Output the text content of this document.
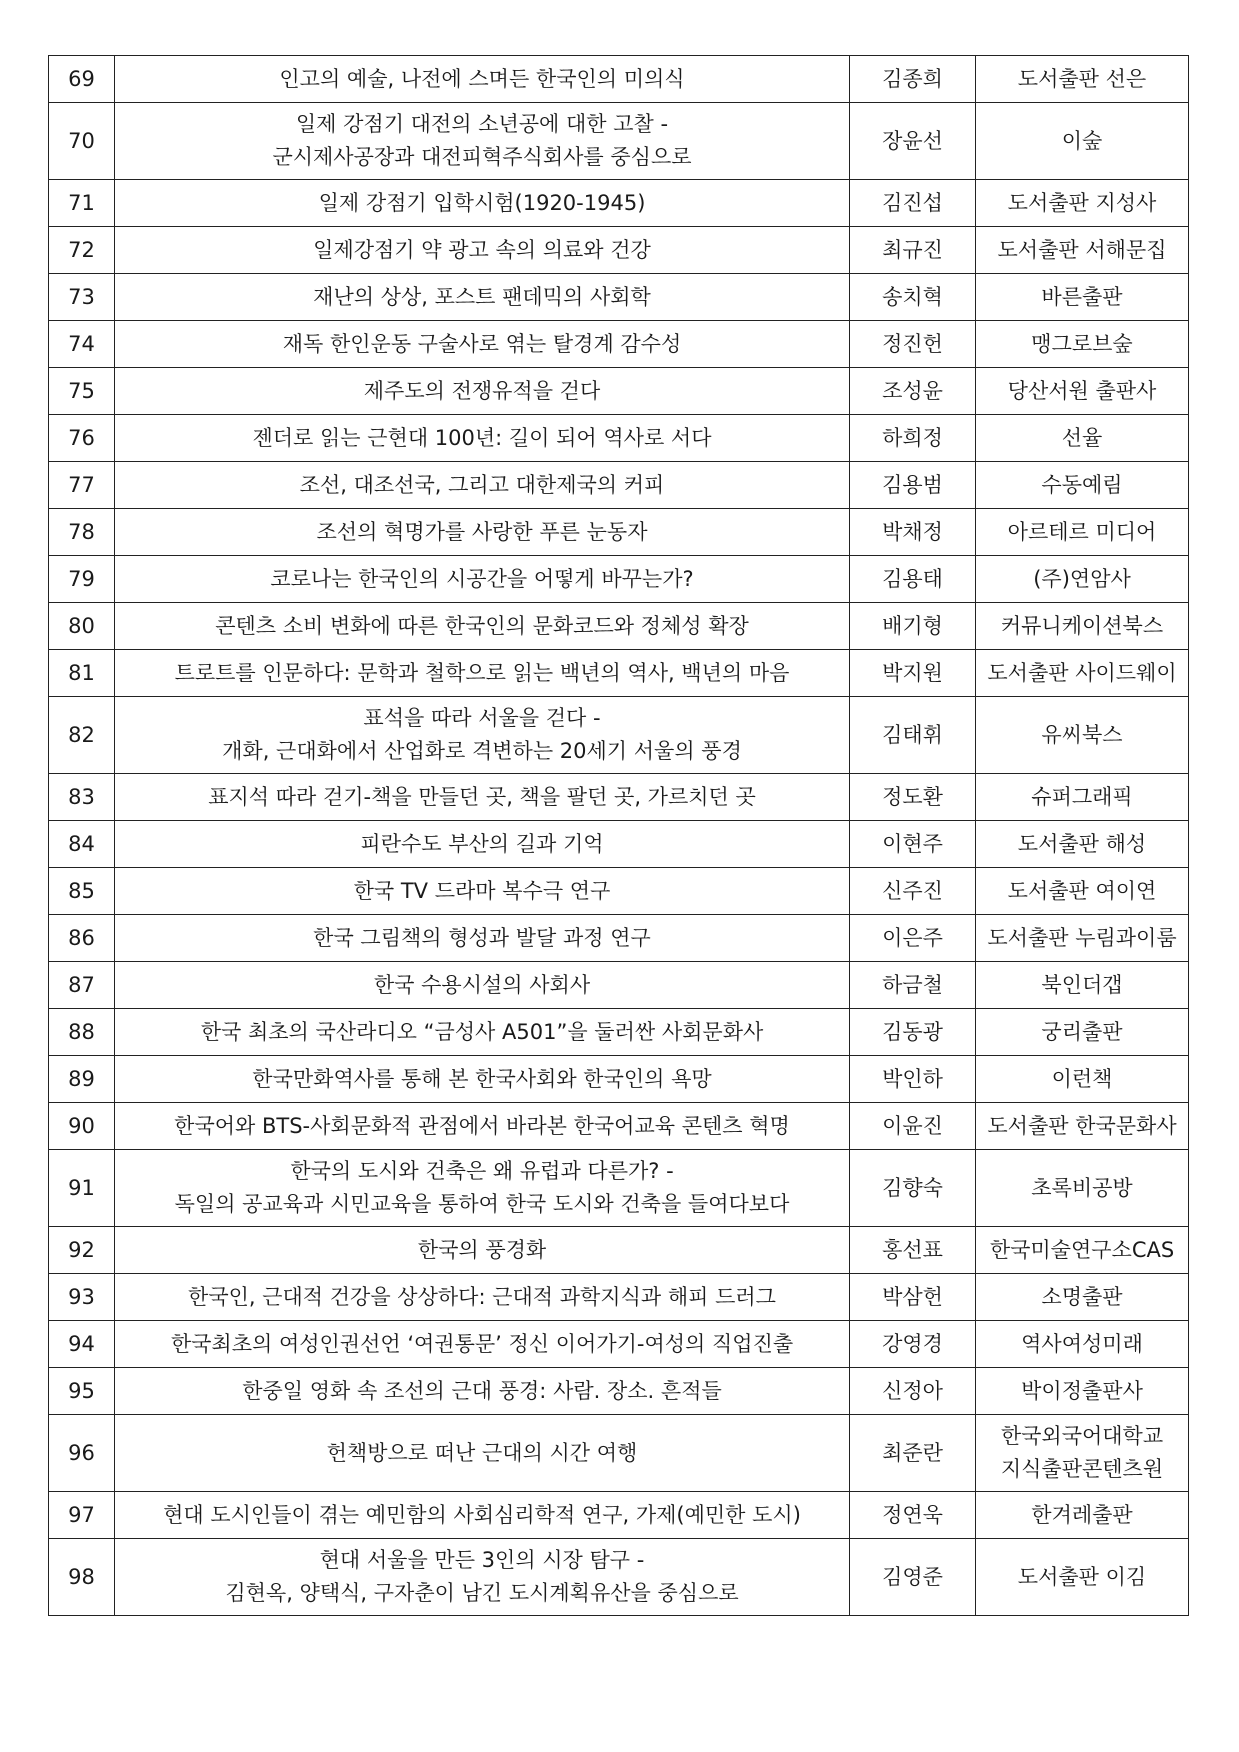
69	인고의 예술, 나전에 스며든 한국인의 미의식	김종희	도서출판 선은

70	일제 강점기 대전의 소년공에 대한 고찰 -
군시제사공장과 대전피혁주식회사를 중심으로	장윤선	이숲

71	일제 강점기 입학시험(1920-1945)	김진섭	도서출판 지성사

72	일제강점기 약 광고 속의 의료와 건강	최규진	도서출판 서해문집

73	재난의 상상, 포스트 팬데믹의 사회학	송치혁	바른출판

74	재독 한인운동 구술사로 엮는 탈경계 감수성	정진헌	맹그로브숲

75	제주도의 전쟁유적을 걷다	조성윤	당산서원 출판사

76	젠더로 읽는 근현대 100년: 길이 되어 역사로 서다	하희정	선율

77	조선, 대조선국, 그리고 대한제국의 커피	김용범	수동예림

78	조선의 혁명가를 사랑한 푸른 눈동자	박채정	아르테르 미디어

79	코로나는 한국인의 시공간을 어떻게 바꾸는가?	김용태	(주)연암사

80	콘텐츠 소비 변화에 따른 한국인의 문화코드와 정체성 확장	배기형	커뮤니케이션북스

81	트로트를 인문하다: 문학과 철학으로 읽는 백년의 역사, 백년의 마음	박지원	도서출판 사이드웨이

82	표석을 따라 서울을 걷다 -
개화, 근대화에서 산업화로 격변하는 20세기 서울의 풍경	김태휘	유씨북스

83	표지석 따라 걷기-책을 만들던 곳, 책을 팔던 곳, 가르치던 곳	정도환	슈퍼그래픽

84	피란수도 부산의 길과 기억	이현주	도서출판 해성

85	한국 TV 드라마 복수극 연구	신주진	도서출판 여이연

86	한국 그림책의 형성과 발달 과정 연구	이은주	도서출판 누림과이룸

87	한국 수용시설의 사회사	하금철	북인더갭

88	한국 최초의 국산라디오 “금성사 A501”을 둘러싼 사회문화사	김동광	궁리출판

89	한국만화역사를 통해 본 한국사회와 한국인의 욕망	박인하	이런책

90	한국어와 BTS-사회문화적 관점에서 바라본 한국어교육 콘텐츠 혁명	이윤진	도서출판 한국문화사

91	한국의 도시와 건축은 왜 유럽과 다른가? -
독일의 공교육과 시민교육을 통하여 한국 도시와 건축을 들여다보다	김향숙	초록비공방

92	한국의 풍경화	홍선표	한국미술연구소CAS

93	한국인, 근대적 건강을 상상하다: 근대적 과학지식과 해피 드러그	박삼헌	소명출판

94	한국최초의 여성인권선언 ‘여권통문’ 정신 이어가기-여성의 직업진출	강영경	역사여성미래

95	한중일 영화 속 조선의 근대 풍경: 사람. 장소. 흔적들	신정아	박이정출판사

96	헌책방으로 떠난 근대의 시간 여행	최준란	한국외국어대학교
지식출판콘텐츠원

97	현대 도시인들이 겪는 예민함의 사회심리학적 연구, 가제(예민한 도시)	정연욱	한겨레출판

98	현대 서울을 만든 3인의 시장 탐구 -
김현옥, 양택식, 구자춘이 남긴 도시계획유산을 중심으로	김영준	도서출판 이김
